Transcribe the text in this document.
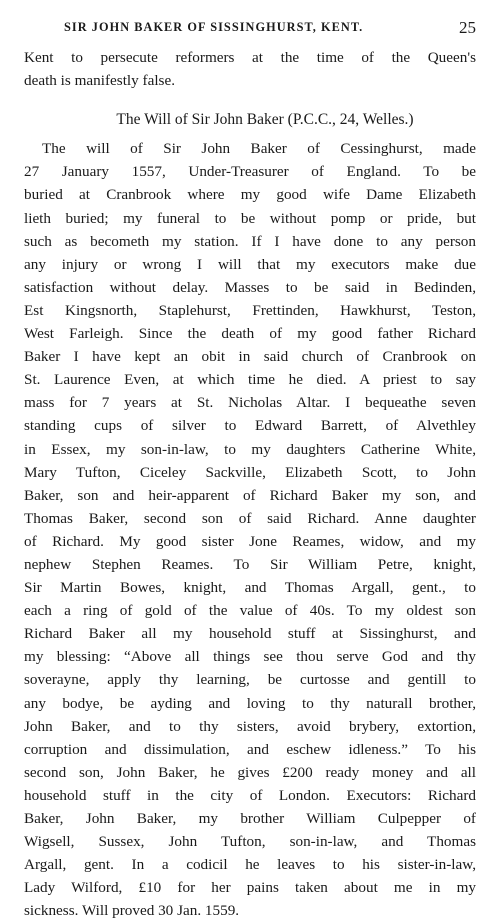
SIR JOHN BAKER OF SISSINGHURST, KENT.	25
Kent to persecute reformers at the time of the Queen's
death is manifestly false.
The Will of Sir John Baker (P.C.C., 24, Welles.)
The will of Sir John Baker of Cessinghurst, made
27 January 1557, Under-Treasurer of England. To be
buried at Cranbrook where my good wife Dame Elizabeth
lieth buried; my funeral to be without pomp or pride, but
such as becometh my station. If I have done to any person
any injury or wrong I will that my executors make due
satisfaction without delay. Masses to be said in Bedinden,
Est Kingsnorth, Staplehurst, Frettinden, Hawkhurst, Teston,
West Farleigh. Since the death of my good father Richard
Baker I have kept an obit in said church of Cranbrook on
St. Laurence Even, at which time he died. A priest to say
mass for 7 years at St. Nicholas Altar. I bequeathe seven
standing cups of silver to Edward Barrett, of Alvethley
in Essex, my son-in-law, to my daughters Catherine White,
Mary Tufton, Ciceley Sackville, Elizabeth Scott, to John
Baker, son and heir-apparent of Richard Baker my son, and
Thomas Baker, second son of said Richard. Anne daughter
of Richard. My good sister Jone Reames, widow, and my
nephew Stephen Reames. To Sir William Petre, knight,
Sir Martin Bowes, knight, and Thomas Argall, gent., to
each a ring of gold of the value of 40s. To my oldest son
Richard Baker all my household stuff at Sissinghurst, and
my blessing: “Above all things see thou serve God and thy
soverayne, apply thy learning, be curtosse and gentill to
any bodye, be ayding and loving to thy naturall brother,
John Baker, and to thy sisters, avoid brybery, extortion,
corruption and dissimulation, and eschew idleness.” To his
second son, John Baker, he gives £200 ready money and all
household stuff in the city of London. Executors: Richard
Baker, John Baker, my brother William Culpepper of
Wigsell, Sussex, John Tufton, son-in-law, and Thomas
Argall, gent. In a codicil he leaves to his sister-in-law,
Lady Wilford, £10 for her pains taken about me in my
sickness. Will proved 30 Jan. 1559.
